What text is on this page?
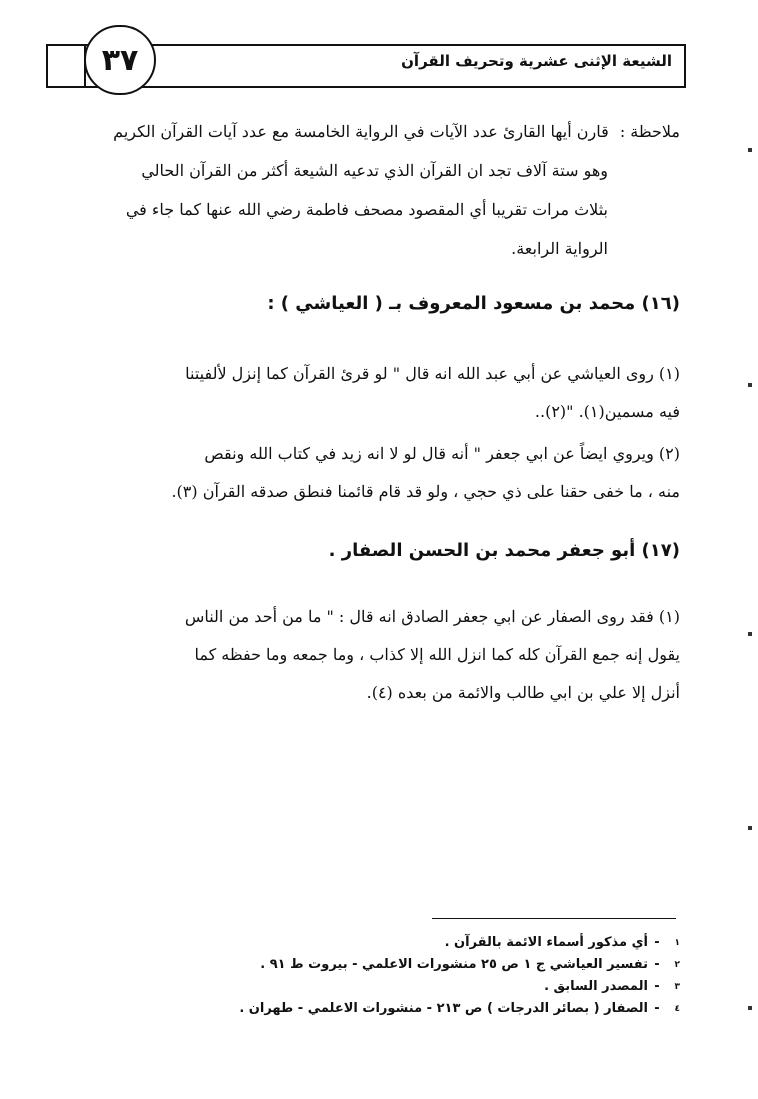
٣٧	الشيعة الإثنى عشرية وتحريف القرآن
ملاحظة : قارن أيها القارئ عدد الآيات في الرواية الخامسة مع عدد آيات القرآن الكريم
وهو ستة آلاف تجد ان القرآن الذي تدعيه الشيعة أكثر من القرآن الحالي
بثلاث مرات تقريبا أي المقصود مصحف فاطمة رضي الله عنها كما جاء في
الرواية الرابعة.
(١٦) محمد بن مسعود المعروف بـ ( العياشي ) :
(١) روى العياشي عن أبي عبد الله انه قال " لو قرئ القرآن كما إنزل لألفيتنا
فيه مسمين(١). "(٢)..
(٢) ويروي ايضاً عن ابي جعفر " أنه قال لو لا انه زيد في كتاب الله ونقص
منه ، ما خفى حقنا على ذي حجي ، ولو قد قام قائمنا فنطق صدقه القرآن (٣).
(١٧) أبو جعفر محمد بن الحسن الصفار .
(١) فقد روى الصفار عن ابي جعفر الصادق انه قال : " ما من أحد من الناس
يقول إنه جمع القرآن كله كما انزل الله إلا كذاب ، وما جمعه وما حفظه كما
أنزل إلا علي بن ابي طالب والائمة من بعده (٤).
١
-
أي مذكور أسماء الائمة بالقرآن .
٢
-
تفسير العياشي ج ١ ص ٢٥ منشورات الاعلمي - بيروت ط ٩١ .
٣
-
المصدر السابق .
٤
-
الصفار ( بصائر الدرجات ) ص ٢١٣ - منشورات الاعلمي - طهران .
